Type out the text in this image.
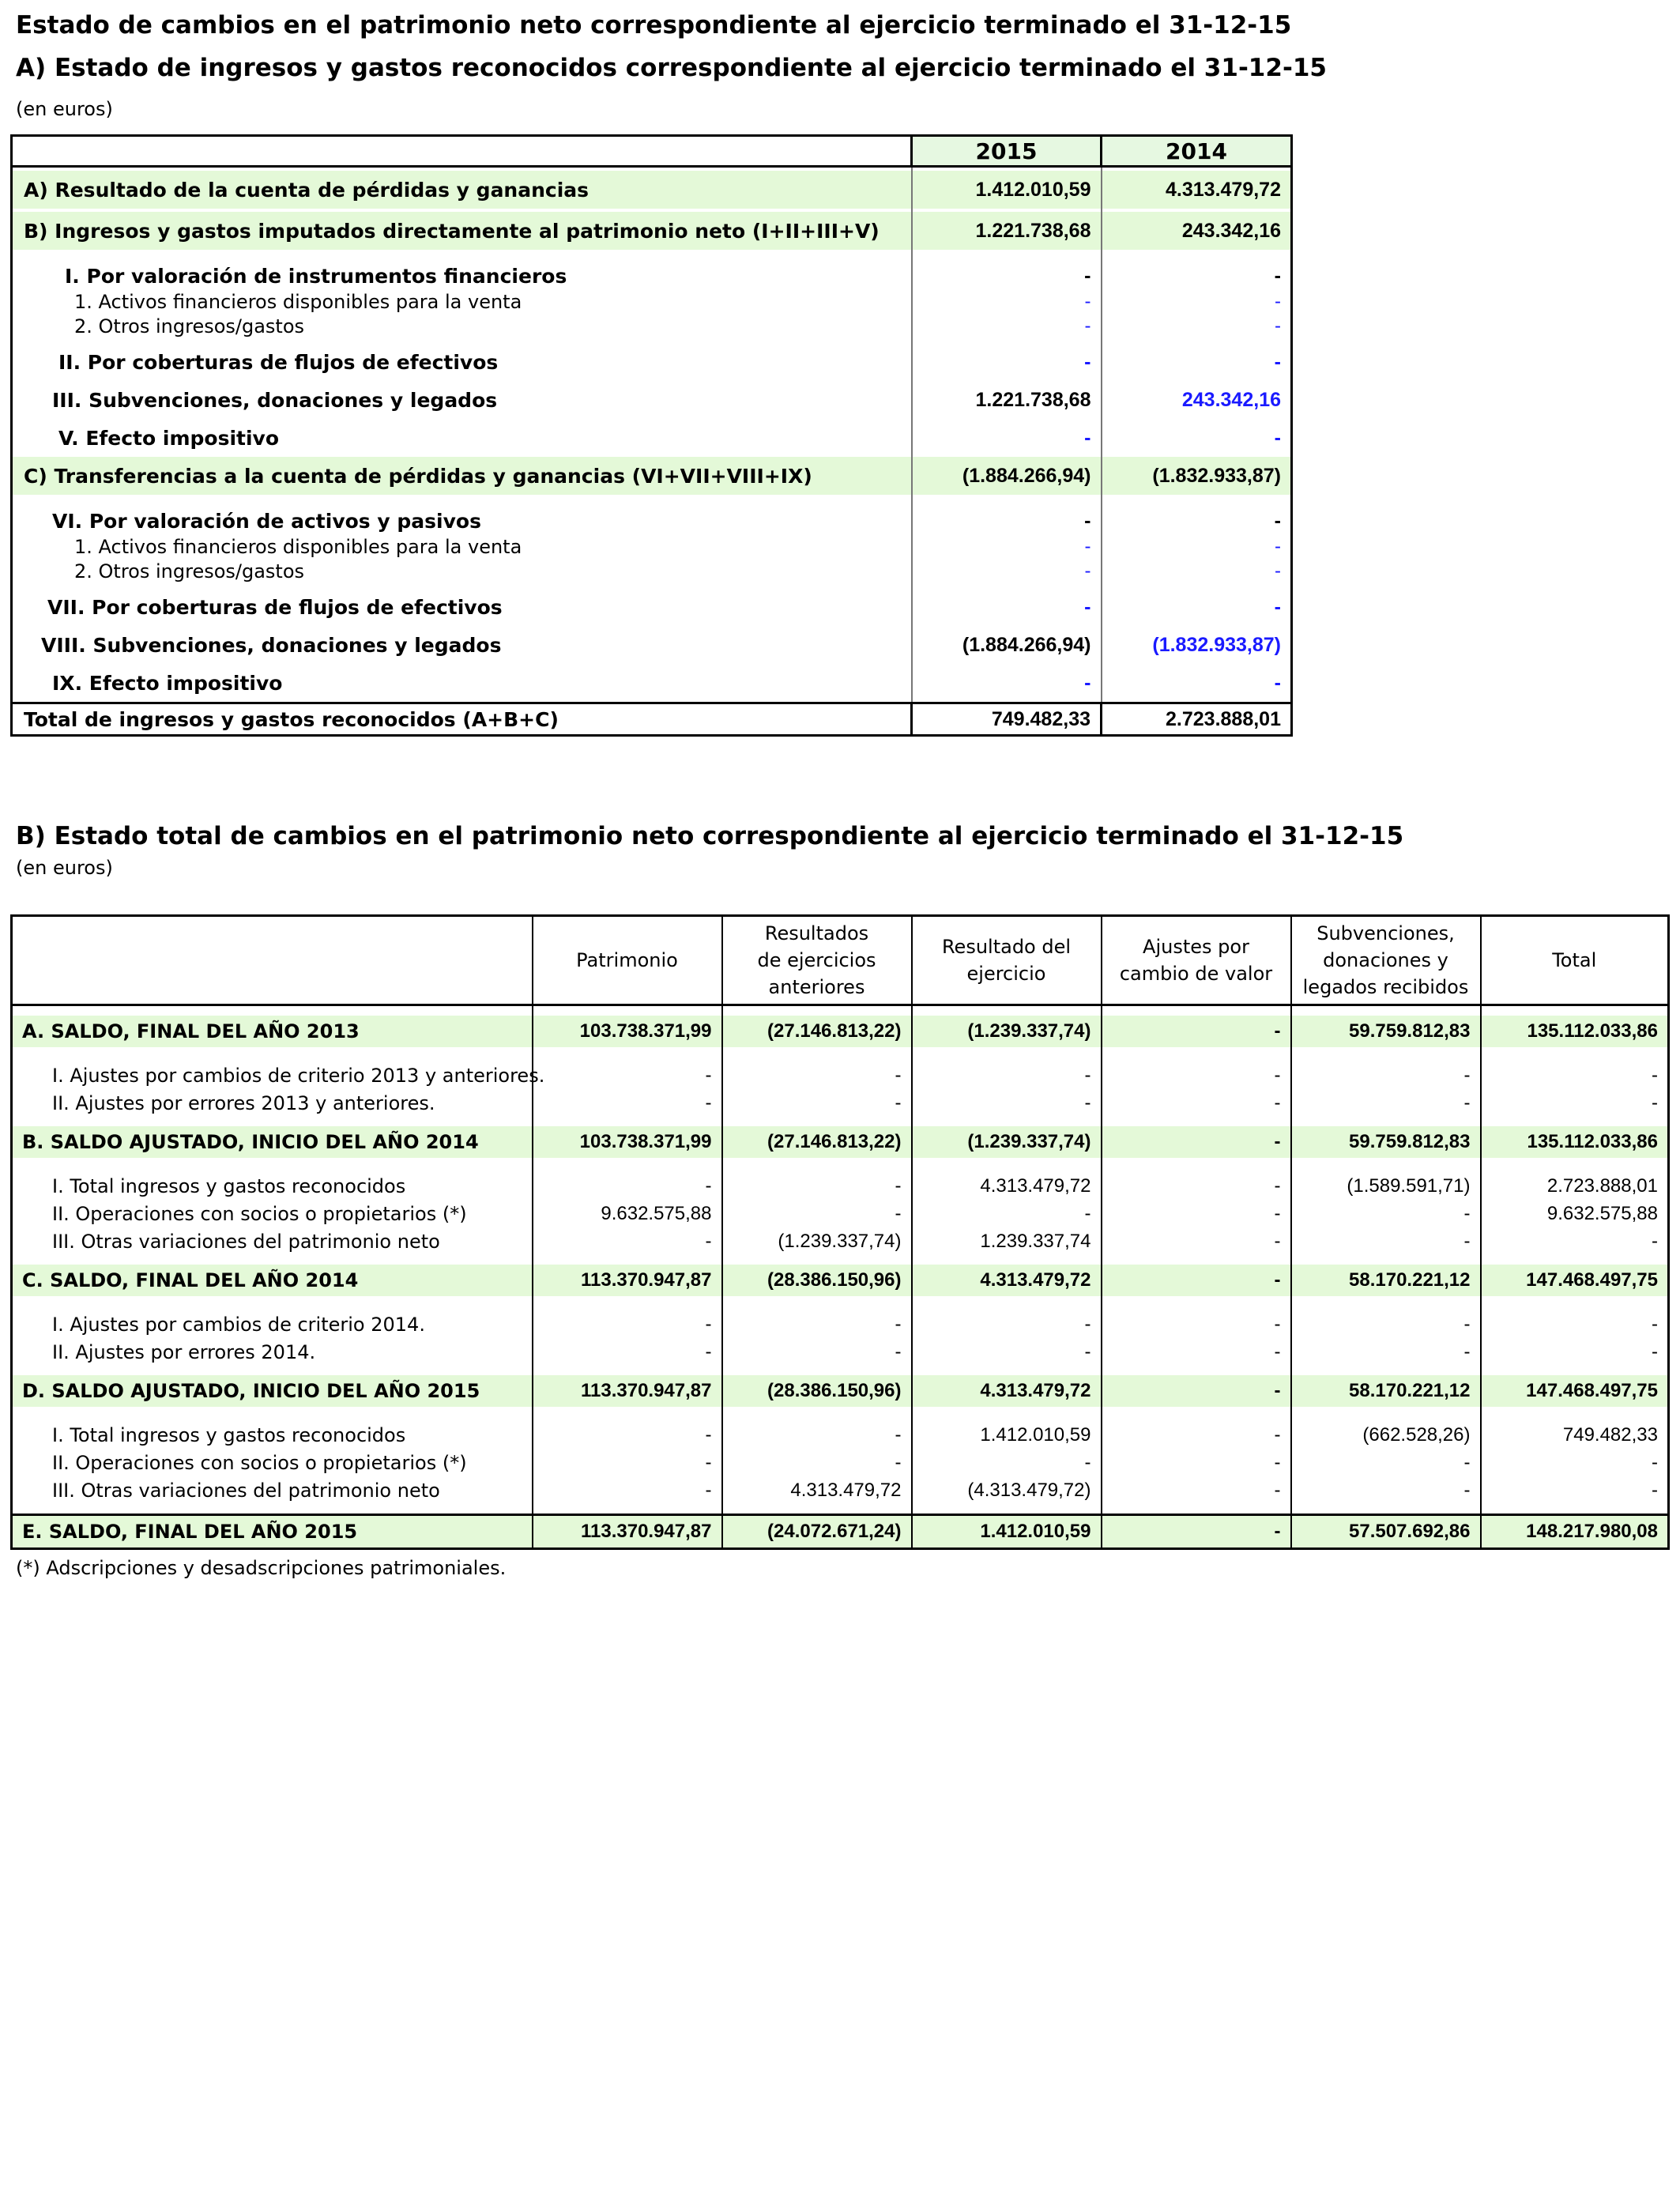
Estado de cambios en el patrimonio neto correspondiente al ejercicio terminado el 31-12-15
A) Estado de ingresos y gastos reconocidos correspondiente al ejercicio terminado el 31-12-15
(en euros)
	2015	2014

A) Resultado de la cuenta de pérdidas y ganancias	1.412.010,59	4.313.479,72

B) Ingresos y gastos imputados directamente al patrimonio neto (I+II+III+V)	1.221.738,68	243.342,16
I. Por valoración de instrumentos financieros	-	-
1. Activos financieros disponibles para la venta	-	-
2. Otros ingresos/gastos	-	-
II. Por coberturas de flujos de efectivos	-	-
III. Subvenciones, donaciones y legados	1.221.738,68	243.342,16
V. Efecto impositivo	-	-
C) Transferencias a la cuenta de pérdidas y ganancias (VI+VII+VIII+IX)	(1.884.266,94)	(1.832.933,87)
VI. Por valoración de activos y pasivos	-	-
1. Activos financieros disponibles para la venta	-	-
2. Otros ingresos/gastos	-	-
VII. Por coberturas de flujos de efectivos	-	-
VIII. Subvenciones, donaciones y legados	(1.884.266,94)	(1.832.933,87)
IX. Efecto impositivo	-	-
Total de ingresos y gastos reconocidos (A+B+C)	749.482,33	2.723.888,01
B) Estado total de cambios en el patrimonio neto correspondiente al ejercicio terminado el 31-12-15
(en euros)
	Patrimonio	Resultados de ejercicios anteriores	Resultado del ejercicio	Ajustes por cambio de valor	Subvenciones, donaciones y legados recibidos	Total

A. SALDO, FINAL DEL AÑO 2013	103.738.371,99	(27.146.813,22)	(1.239.337,74)	-	59.759.812,83	135.112.033,86

I. Ajustes por cambios de criterio 2013 y anteriores.	-	-	-	-	-	-
II. Ajustes por errores 2013 y anteriores.	-	-	-	-	-	-

B. SALDO AJUSTADO, INICIO DEL AÑO 2014	103.738.371,99	(27.146.813,22)	(1.239.337,74)	-	59.759.812,83	135.112.033,86

I. Total ingresos y gastos reconocidos	-	-	4.313.479,72	-	(1.589.591,71)	2.723.888,01
II. Operaciones con socios o propietarios (*)	9.632.575,88	-	-	-	-	9.632.575,88
III. Otras variaciones del patrimonio neto	-	(1.239.337,74)	1.239.337,74	-	-	-

C. SALDO, FINAL DEL AÑO 2014	113.370.947,87	(28.386.150,96)	4.313.479,72	-	58.170.221,12	147.468.497,75

I. Ajustes por cambios de criterio 2014.	-	-	-	-	-	-
II. Ajustes por errores 2014.	-	-	-	-	-	-

D. SALDO AJUSTADO, INICIO DEL AÑO 2015	113.370.947,87	(28.386.150,96)	4.313.479,72	-	58.170.221,12	147.468.497,75

I. Total ingresos y gastos reconocidos	-	-	1.412.010,59	-	(662.528,26)	749.482,33
II. Operaciones con socios o propietarios (*)	-	-	-	-	-	-
III. Otras variaciones del patrimonio neto	-	4.313.479,72	(4.313.479,72)	-	-	-

E. SALDO, FINAL DEL AÑO 2015	113.370.947,87	(24.072.671,24)	1.412.010,59	-	57.507.692,86	148.217.980,08
(*) Adscripciones y desadscripciones patrimoniales.
